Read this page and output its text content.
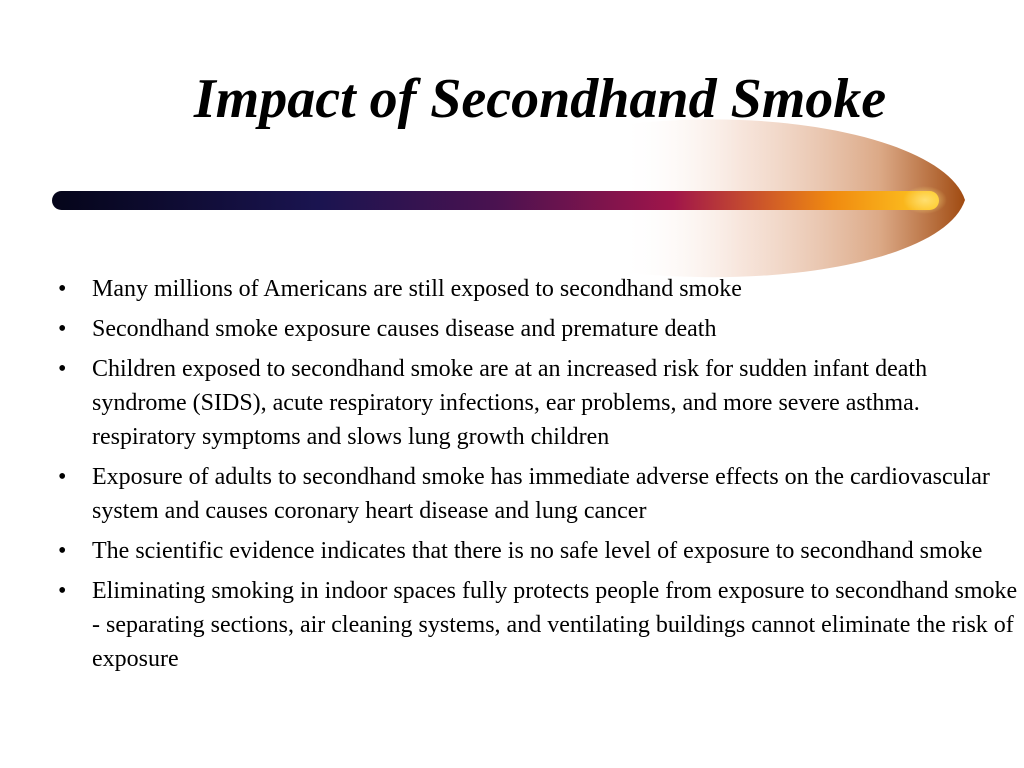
Impact of Secondhand Smoke
• Many millions of Americans are still exposed to secondhand smoke
• Secondhand smoke exposure causes disease and premature death
• Children exposed to secondhand smoke are at an increased risk for sudden infant death syndrome (SIDS), acute respiratory infections, ear problems, and more severe asthma. respiratory symptoms and slows lung growth children
• Exposure of adults to secondhand smoke has immediate adverse effects on the cardiovascular system and causes coronary heart disease and lung cancer
• The scientific evidence indicates that there is no safe level of exposure to secondhand smoke
• Eliminating smoking in indoor spaces fully protects people from exposure to secondhand smoke - separating sections, air cleaning systems, and ventilating buildings cannot eliminate the risk of exposure
